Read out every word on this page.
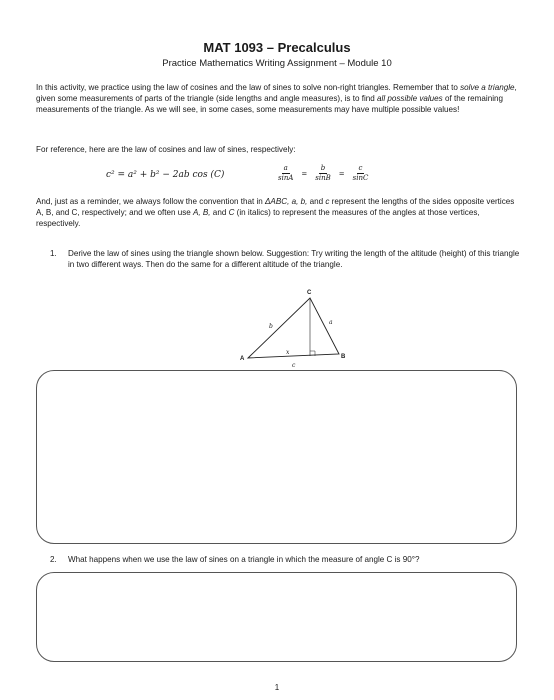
MAT 1093 – Precalculus
Practice Mathematics Writing Assignment – Module 10
In this activity, we practice using the law of cosines and the law of sines to solve non-right triangles. Remember that to solve a triangle, given some measurements of parts of the triangle (side lengths and angle measures), is to find all possible values of the remaining measurements of the triangle. As we will see, in some cases, some measurements may have multiple possible values!
For reference, here are the law of cosines and law of sines, respectively:
c² = a² + b² − 2ab cos (C)	$\frac{a}{\sin A} = \frac{b}{\sin B} = \frac{c}{\sin C}$
And, just as a reminder, we always follow the convention that in ΔABC, a, b, and c represent the lengths of the sides opposite vertices A, B, and C, respectively; and we often use A, B, and C (in italics) to represent the measures of the angles at those vertices, respectively.
1.	Derive the law of sines using the triangle shown below. Suggestion: Try writing the length of the altitude (height) of this triangle in two different ways. Then do the same for a different altitude of the triangle.
A	B
C
b
a
c
x
2.	What happens when we use the law of sines on a triangle in which the measure of angle C is 90°?
1
